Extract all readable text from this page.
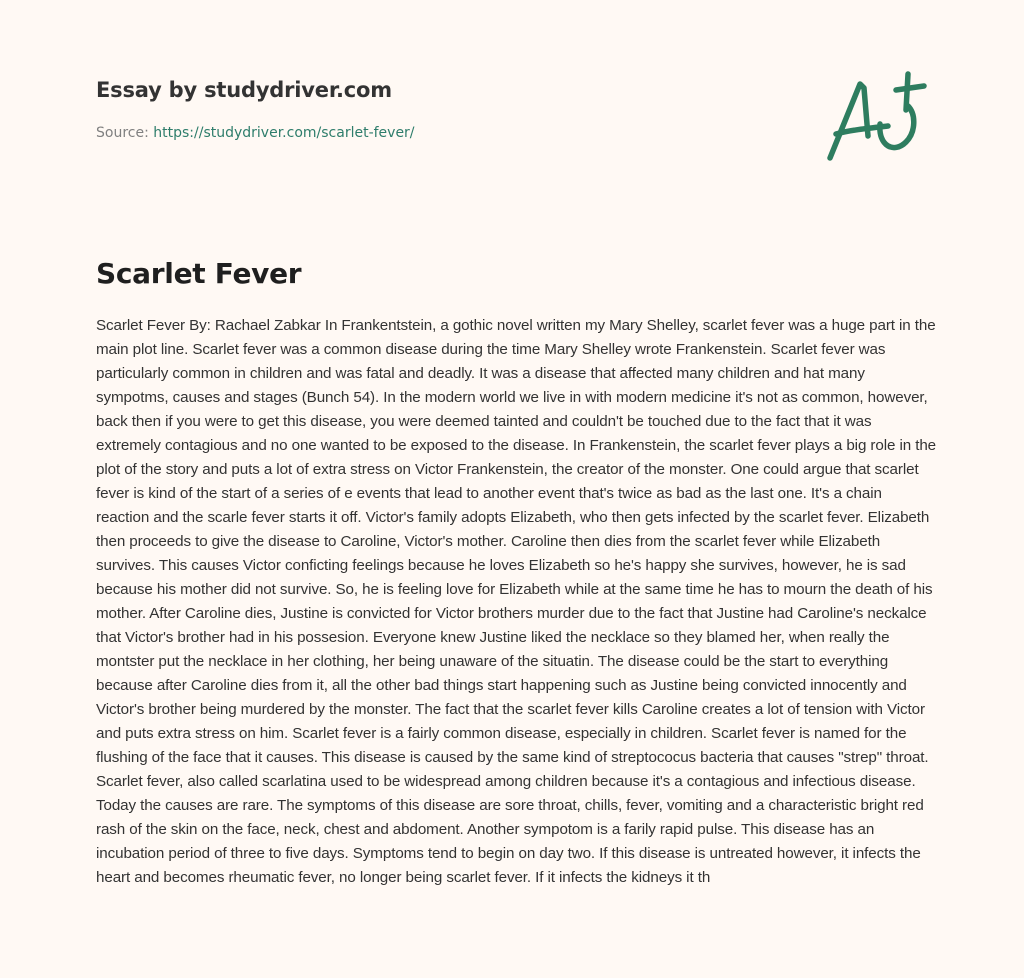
Essay by studydriver.com
Source: https://studydriver.com/scarlet-fever/
Scarlet Fever

Scarlet Fever By: Rachael Zabkar In Frankentstein, a gothic novel written my Mary Shelley, scarlet fever was a huge part in the main plot line. Scarlet fever was a common disease during the time Mary Shelley wrote Frankenstein. Scarlet fever was particularly common in children and was fatal and deadly. It was a disease that affected many children and hat many sympotms, causes and stages (Bunch 54). In the modern world we live in with modern medicine it's not as common, however, back then if you were to get this disease, you were deemed tainted and couldn't be touched due to the fact that it was extremely contagious and no one wanted to be exposed to the disease. In Frankenstein, the scarlet fever plays a big role in the plot of the story and puts a lot of extra stress on Victor Frankenstein, the creator of the monster. One could argue that scarlet fever is kind of the start of a series of e events that lead to another event that's twice as bad as the last one. It's a chain reaction and the scarle fever starts it off. Victor's family adopts Elizabeth, who then gets infected by the scarlet fever. Elizabeth then proceeds to give the disease to Caroline, Victor's mother. Caroline then dies from the scarlet fever while Elizabeth survives. This causes Victor conficting feelings because he loves Elizabeth so he's happy she survives, however, he is sad because his mother did not survive. So, he is feeling love for Elizabeth while at the same time he has to mourn the death of his mother. After Caroline dies, Justine is convicted for Victor brothers murder due to the fact that Justine had Caroline's neckalce that Victor's brother had in his possesion. Everyone knew Justine liked the necklace so they blamed her, when really the montster put the necklace in her clothing, her being unaware of the situatin. The disease could be the start to everything because after Caroline dies from it, all the other bad things start happening such as Justine being convicted innocently and Victor's brother being murdered by the monster. The fact that the scarlet fever kills Caroline creates a lot of tension with Victor and puts extra stress on him. Scarlet fever is a fairly common disease, especially in children. Scarlet fever is named for the flushing of the face that it causes. This disease is caused by the same kind of streptococus bacteria that causes "strep" throat. Scarlet fever, also called scarlatina used to be widespread among children because it's a contagious and infectious disease. Today the causes are rare. The symptoms of this disease are sore throat, chills, fever, vomiting and a characteristic bright red rash of the skin on the face, neck, chest and abdoment. Another sympotom is a farily rapid pulse. This disease has an incubation period of three to five days. Symptoms tend to begin on day two. If this disease is untreated however, it infects the heart and becomes rheumatic fever, no longer being scarlet fever. If it infects the kidneys it th
